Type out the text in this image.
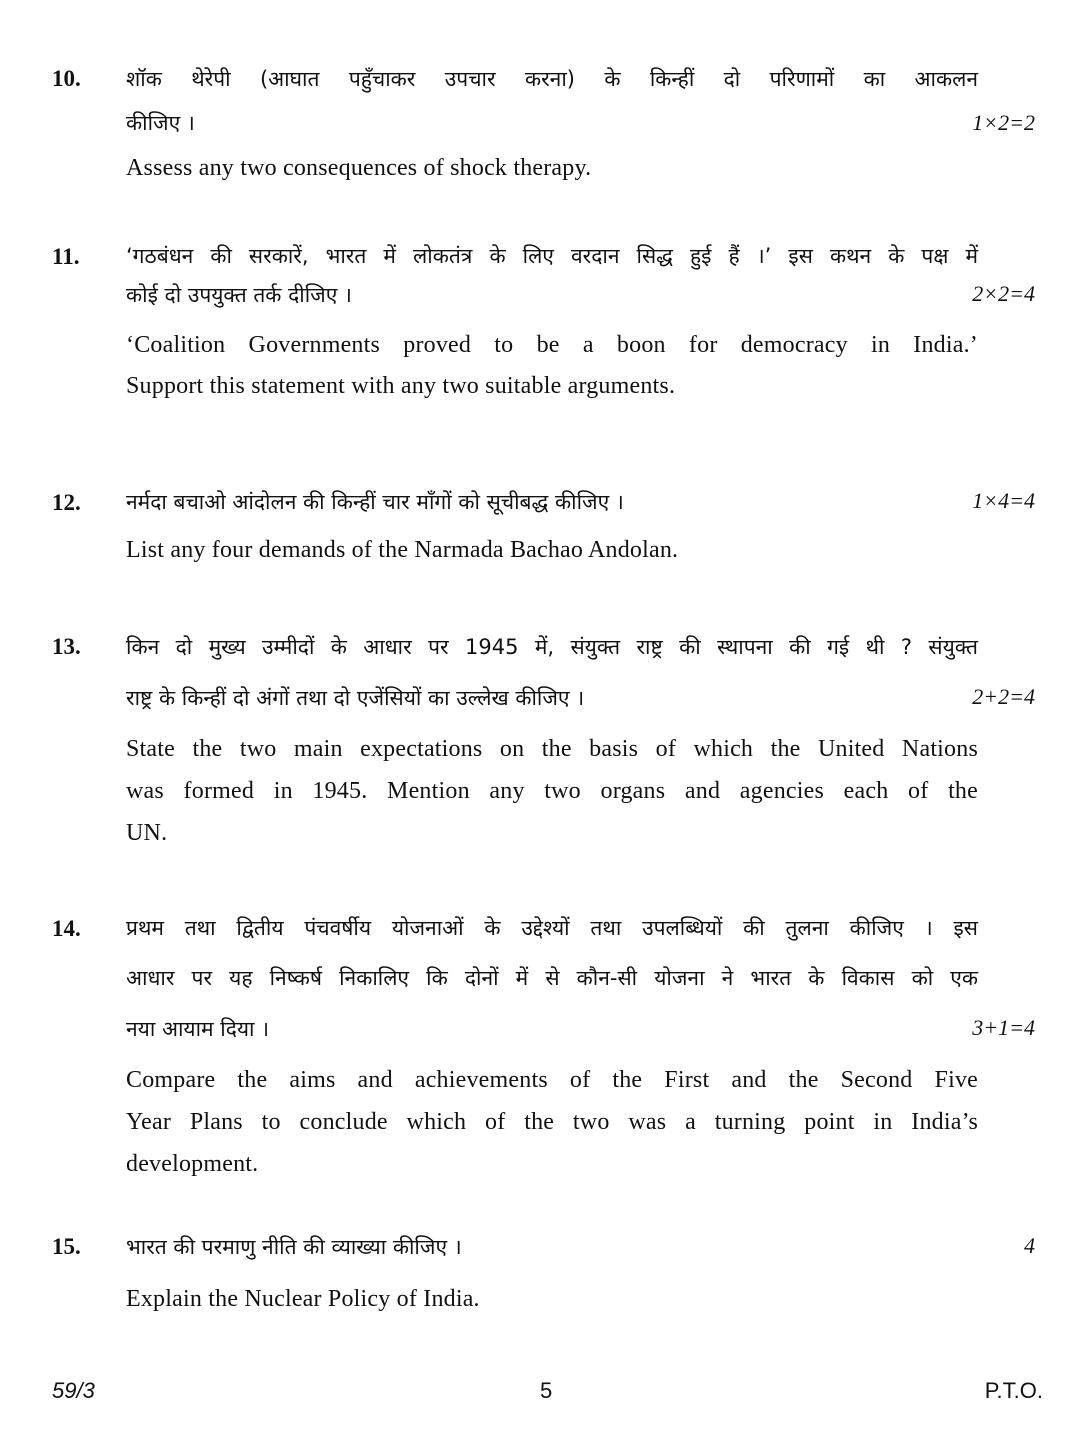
10. शॉक थेरेपी (आघात पहुँचाकर उपचार करना) के किन्हीं दो परिणामों का आकलन
कीजिए ।	1×2=2
Assess any two consequences of shock therapy.
11. ‘गठबंधन की सरकारें, भारत में लोकतंत्र के लिए वरदान सिद्ध हुई हैं ।’ इस कथन के पक्ष में
कोई दो उपयुक्त तर्क दीजिए ।	2×2=4
‘Coalition Governments proved to be a boon for democracy in India.’
Support this statement with any two suitable arguments.
12. नर्मदा बचाओ आंदोलन की किन्हीं चार माँगों को सूचीबद्ध कीजिए ।	1×4=4
List any four demands of the Narmada Bachao Andolan.
13. किन दो मुख्य उम्मीदों के आधार पर 1945 में, संयुक्त राष्ट्र की स्थापना की गई थी ? संयुक्त
राष्ट्र के किन्हीं दो अंगों तथा दो एजेंसियों का उल्लेख कीजिए ।	2+2=4
State the two main expectations on the basis of which the United Nations
was formed in 1945. Mention any two organs and agencies each of the
UN.
14. प्रथम तथा द्वितीय पंचवर्षीय योजनाओं के उद्देश्यों तथा उपलब्धियों की तुलना कीजिए । इस
आधार पर यह निष्कर्ष निकालिए कि दोनों में से कौन-सी योजना ने भारत के विकास को एक
नया आयाम दिया ।	3+1=4
Compare the aims and achievements of the First and the Second Five
Year Plans to conclude which of the two was a turning point in India’s
development.
15. भारत की परमाणु नीति की व्याख्या कीजिए ।	4
Explain the Nuclear Policy of India.
59/3	5	P.T.O.
